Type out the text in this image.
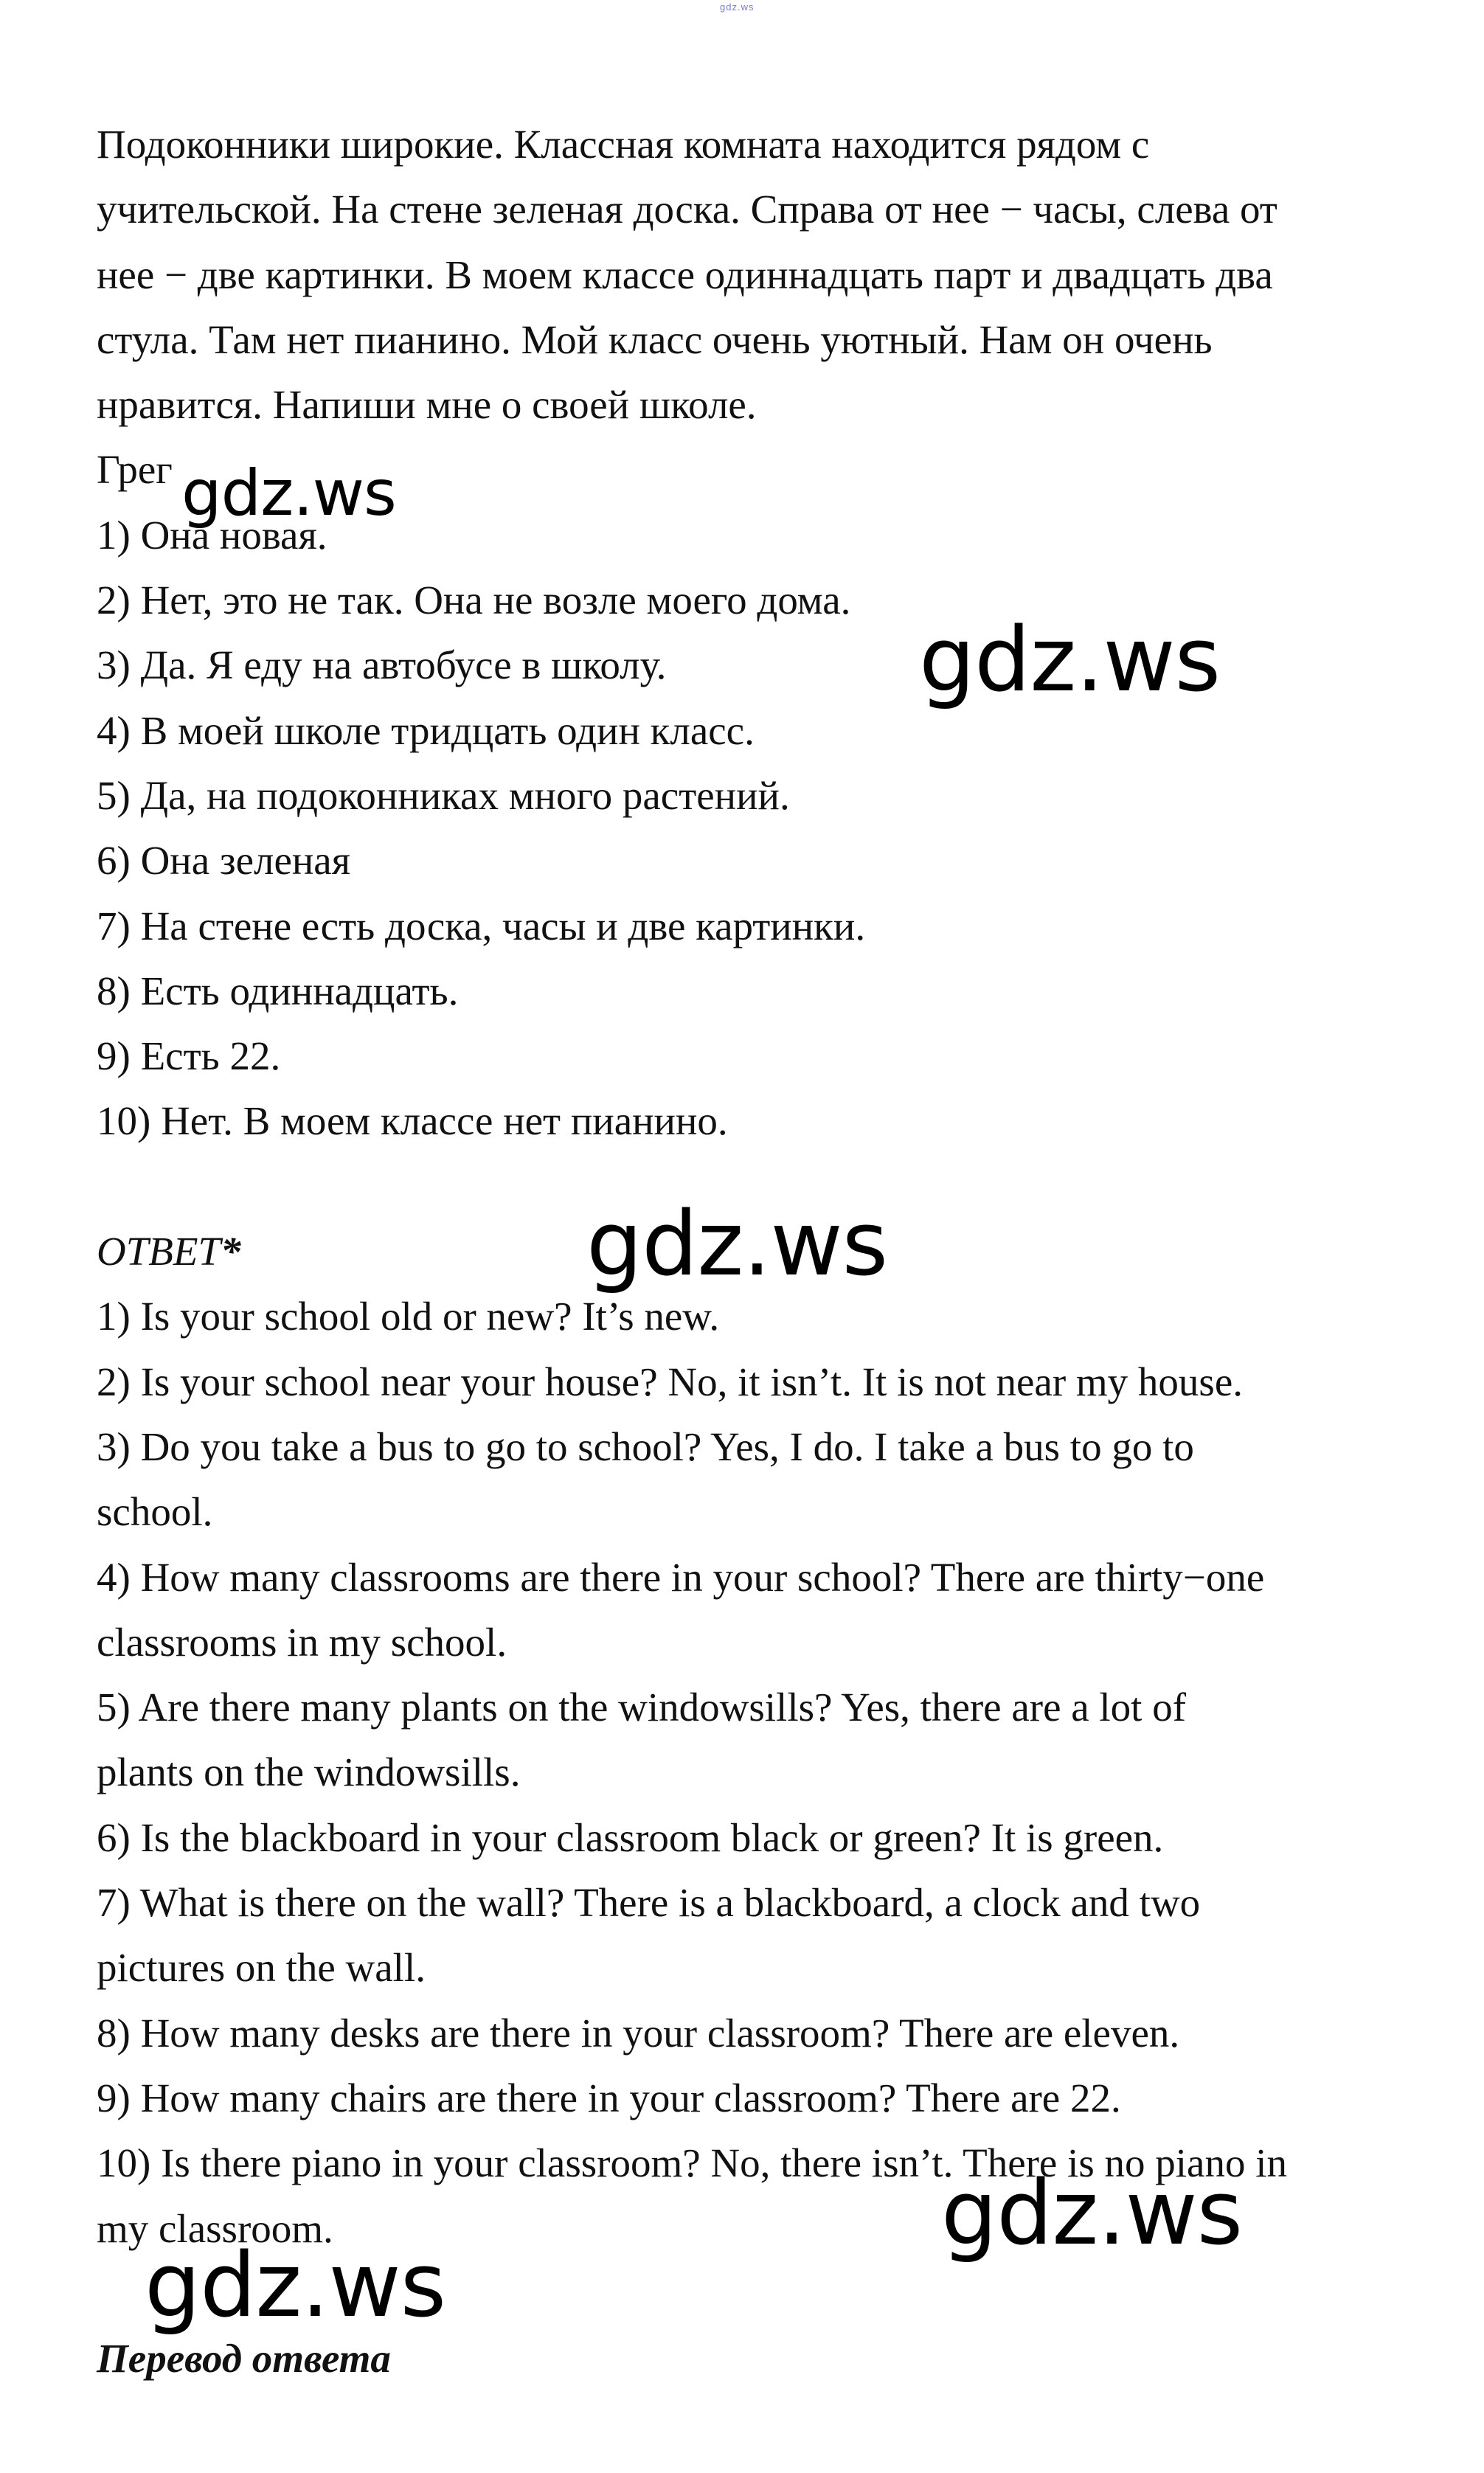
gdz.ws
Подоконники широкие. Классная комната находится рядом с
учительской. На стене зеленая доска. Справа от нее − часы, слева от
нее − две картинки. В моем классе одиннадцать парт и двадцать два
стула. Там нет пианино. Мой класс очень уютный. Нам он очень
нравится. Напиши мне о своей школе.
Грег
1) Она новая.
2) Нет, это не так. Она не возле моего дома.
3) Да. Я еду на автобусе в школу.
4) В моей школе тридцать один класс.
5) Да, на подоконниках много растений.
6) Она зеленая
7) На стене есть доска, часы и две картинки.
8) Есть одиннадцать.
9) Есть 22.
10) Нет. В моем классе нет пианино.
ОТВЕТ*
1) Is your school old or new? It’s new.
2) Is your school near your house? No, it isn’t. It is not near my house.
3) Do you take a bus to go to school? Yes, I do. I take a bus to go to
school.
4) How many classrooms are there in your school? There are thirty−one
classrooms in my school.
5) Are there many plants on the windowsills? Yes, there are a lot of
plants on the windowsills.
6) Is the blackboard in your classroom black or green? It is green.
7) What is there on the wall? There is a blackboard, a clock and two
pictures on the wall.
8) How many desks are there in your classroom? There are eleven.
9) How many chairs are there in your classroom? There are 22.
10) Is there piano in your classroom? No, there isn’t. There is no piano in
my classroom.
Перевод ответа
gdz.ws
gdz.ws
gdz.ws
gdz.ws
gdz.ws
